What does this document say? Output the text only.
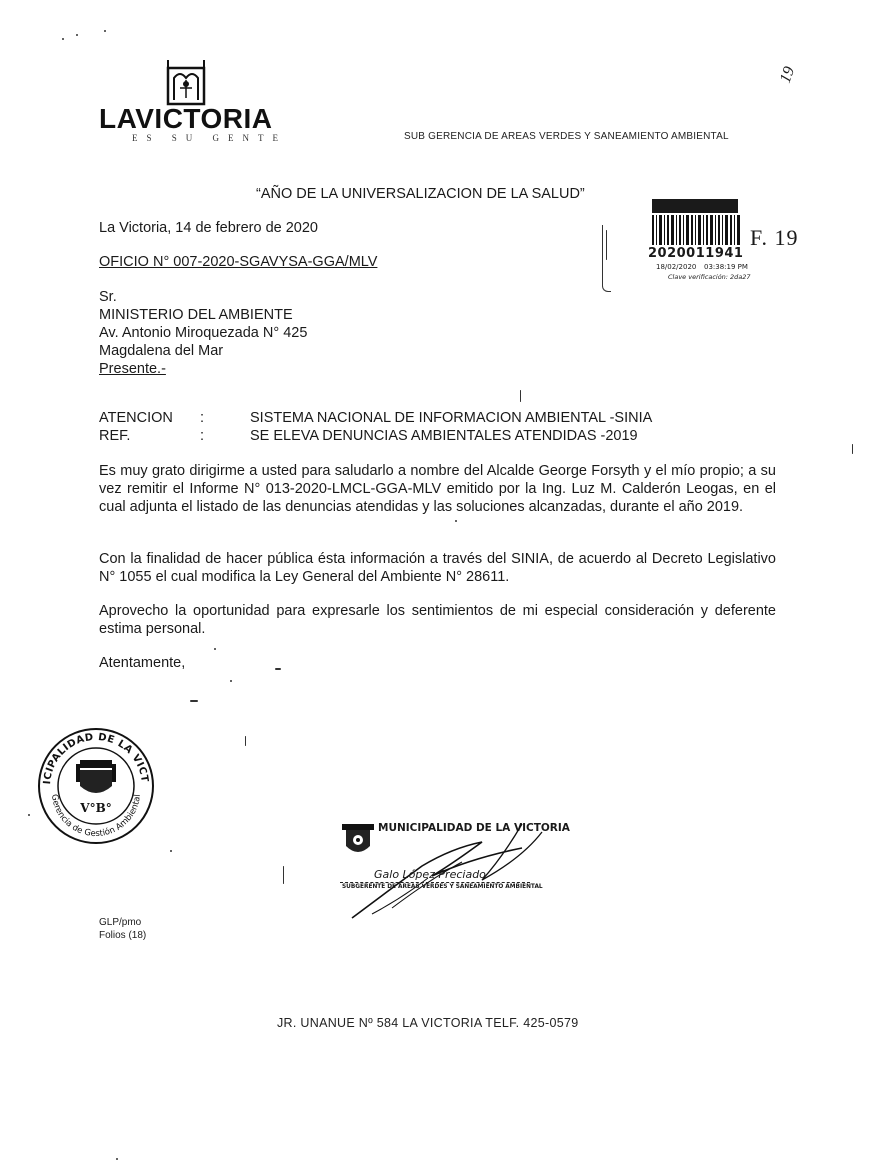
LAVICTORIA
ES SU GENTE	SUB GERENCIA DE AREAS VERDES Y SANEAMIENTO AMBIENTAL
19
“AÑO DE LA UNIVERSALIZACION DE LA SALUD”
La Victoria, 14 de febrero de 2020
OFICIO N° 007-2020-SGAVYSA-GGA/MLV
2020011941
18/02/2020 03:38:19 PM
Clave verificación: 2da27
F. 19
Sr.
MINISTERIO DEL AMBIENTE
Av. Antonio Miroquezada N° 425
Magdalena del Mar
Presente.-
ATENCION :	SISTEMA NACIONAL DE INFORMACION AMBIENTAL -SINIA
REF.	:	SE ELEVA DENUNCIAS AMBIENTALES ATENDIDAS -2019
Es muy grato dirigirme a usted para saludarlo a nombre del Alcalde George Forsyth y el mío propio; a su vez remitir el Informe N° 013-2020-LMCL-GGA-MLV emitido por la Ing. Luz M. Calderón Leogas, en el cual adjunta el listado de las denuncias atendidas y las soluciones alcanzadas, durante el año 2019.
Con la finalidad de hacer pública ésta información a través del SINIA, de acuerdo al Decreto Legislativo N° 1055 el cual modifica la Ley General del Ambiente N° 28611.
Aprovecho la oportunidad para expresarle los sentimientos de mi especial consideración y deferente estima personal.
Atentamente,
ICIPALIDAD DE LA VICT
Gerencia de Gestión Ambiental
V°B°
MUNICIPALIDAD DE LA VICTORIA
Galo López Preciado
SUBGERENTE DE AREAS VERDES Y SANEAMIENTO AMBIENTAL
GLP/pmo
Folios (18)
JR. UNANUE Nº 584 LA VICTORIA TELF. 425-0579
